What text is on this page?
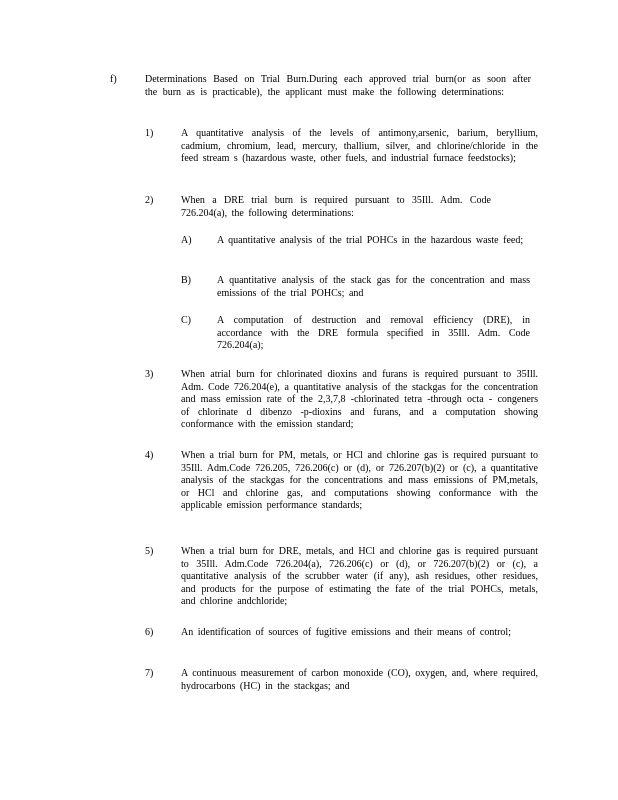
f)	Determinations Based on Trial Burn.During each approved trial burn(or as soon after the burn as is practicable), the applicant must make the following determinations:

1)	A quantitative analysis of the levels of antimony,arsenic, barium, beryllium, cadmium, chromium, lead, mercury, thallium, silver, and chlorine/chloride in the feed stream s (hazardous waste, other fuels, and industrial furnace feedstocks);

2)	When a DRE trial burn is required pursuant to 35Ill. Adm. Code 726.204(a), the following determinations:

A)	A quantitative analysis of the trial POHCs in the hazardous waste feed;

B)	A quantitative analysis of the stack gas for the concentration and mass emissions of the trial POHCs; and

C)	A computation of destruction and removal efficiency (DRE), in accordance with the DRE formula specified in 35Ill. Adm. Code 726.204(a);

3)	When atrial burn for chlorinated dioxins and furans is required pursuant to 35Ill. Adm. Code 726.204(e), a quantitative analysis of the stackgas for the concentration and mass emission rate of the 2,3,7,8 -chlorinated tetra -through octa - congeners of chlorinate d dibenzo -p-dioxins and furans, and a computation showing conformance with the emission standard;

4)	When a trial burn for PM, metals, or HCl and chlorine gas is required pursuant to 35Ill. Adm.Code 726.205, 726.206(c) or (d), or 726.207(b)(2) or (c), a quantitative analysis of the stackgas for the concentrations and mass emissions of PM,metals, or HCl and chlorine gas, and computations showing conformance with the applicable emission performance standards;

5)	When a trial burn for DRE, metals, and HCl and chlorine gas is required pursuant to 35Ill. Adm.Code 726.204(a), 726.206(c) or (d), or 726.207(b)(2) or (c), a quantitative analysis of the scrubber water (if any), ash residues, other residues, and products for the purpose of estimating the fate of the trial POHCs, metals, and chlorine andchloride;

6)	An identification of sources of fugitive emissions and their means of control;

7)	A continuous measurement of carbon monoxide (CO), oxygen, and, where required, hydrocarbons (HC) in the stackgas; and
